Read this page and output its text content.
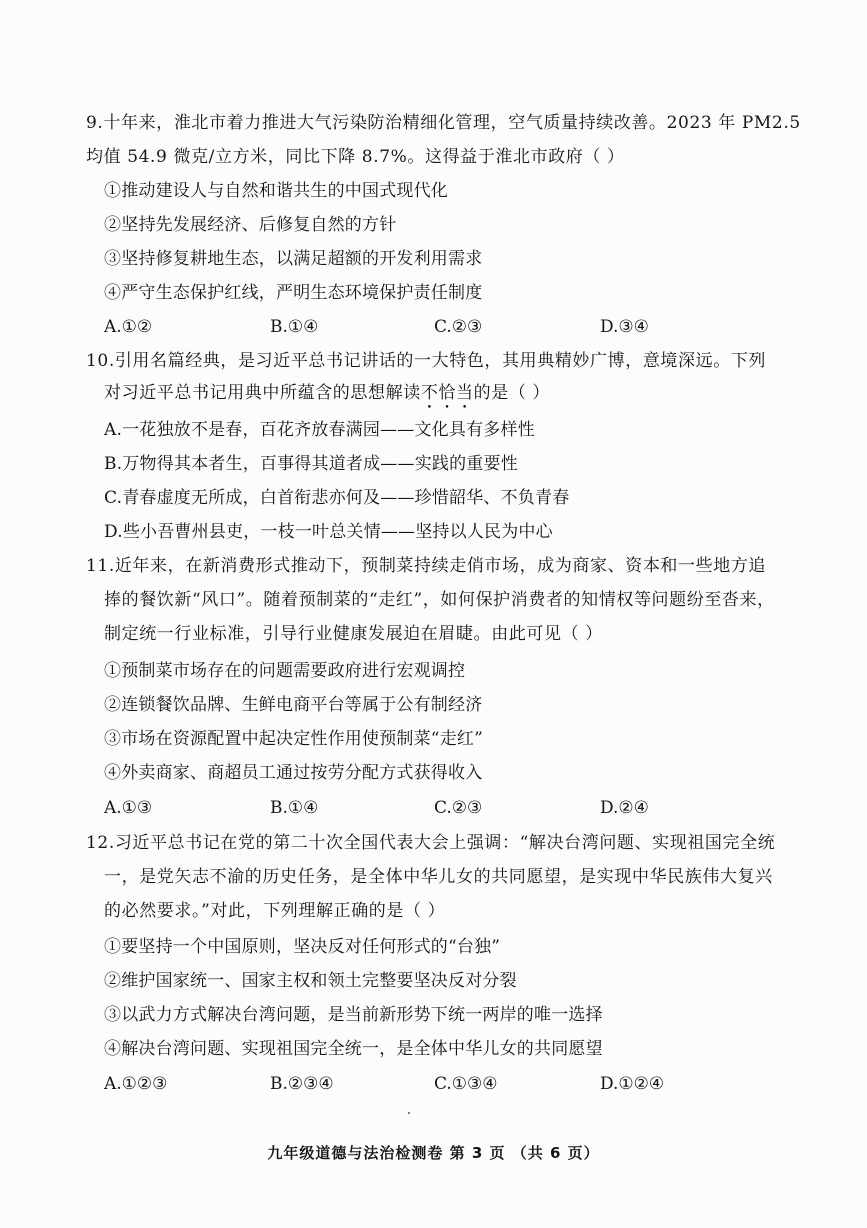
9.十年来，淮北市着力推进大气污染防治精细化管理，空气质量持续改善。2023 年 PM2.5
均值 54.9 微克/立方米，同比下降 8.7%。这得益于淮北市政府（ ）
①推动建设人与自然和谐共生的中国式现代化
②坚持先发展经济、后修复自然的方针
③坚持修复耕地生态，以满足超额的开发利用需求
④严守生态保护红线，严明生态环境保护责任制度
A.①②	B.①④	C.②③	D.③④
10.引用名篇经典，是习近平总书记讲话的一大特色，其用典精妙广博，意境深远。下列
对习近平总书记用典中所蕴含的思想解读不恰当的是（ ）
A.一花独放不是春，百花齐放春满园——文化具有多样性
B.万物得其本者生，百事得其道者成——实践的重要性
C.青春虚度无所成，白首衔悲亦何及——珍惜韶华、不负青春
D.些小吾曹州县吏，一枝一叶总关情——坚持以人民为中心
11.近年来，在新消费形式推动下，预制菜持续走俏市场，成为商家、资本和一些地方追
捧的餐饮新“风口”。随着预制菜的“走红”，如何保护消费者的知情权等问题纷至沓来，
制定统一行业标准，引导行业健康发展迫在眉睫。由此可见（ ）
①预制菜市场存在的问题需要政府进行宏观调控
②连锁餐饮品牌、生鲜电商平台等属于公有制经济
③市场在资源配置中起决定性作用使预制菜“走红”
④外卖商家、商超员工通过按劳分配方式获得收入
A.①③	B.①④	C.②③	D.②④
12.习近平总书记在党的第二十次全国代表大会上强调：“解决台湾问题、实现祖国完全统
一，是党矢志不渝的历史任务，是全体中华儿女的共同愿望，是实现中华民族伟大复兴
的必然要求。”对此，下列理解正确的是（ ）
①要坚持一个中国原则，坚决反对任何形式的“台独”
②维护国家统一、国家主权和领土完整要坚决反对分裂
③以武力方式解决台湾问题，是当前新形势下统一两岸的唯一选择
④解决台湾问题、实现祖国完全统一，是全体中华儿女的共同愿望
A.①②③	B.②③④	C.①③④	D.①②④
九年级道德与法治检测卷 第 3 页 （共 6 页）
